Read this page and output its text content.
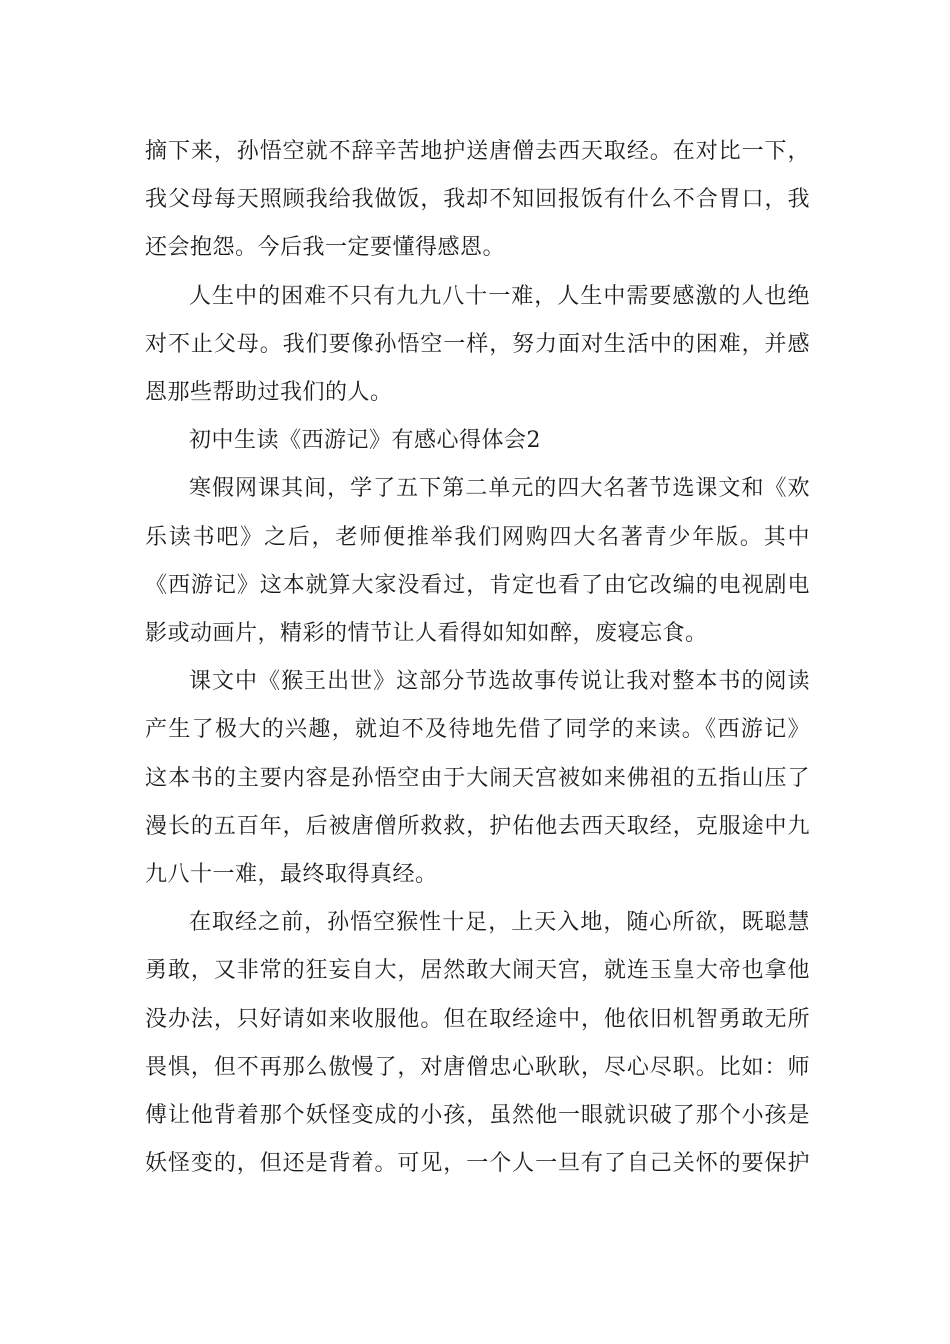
摘下来，孙悟空就不辞辛苦地护送唐僧去西天取经。在对比一下，
我父母每天照顾我给我做饭，我却不知回报饭有什么不合胃口，我
还会抱怨。今后我一定要懂得感恩。

人生中的困难不只有九九八十一难，人生中需要感激的人也绝
对不止父母。我们要像孙悟空一样，努力面对生活中的困难，并感
恩那些帮助过我们的人。

初中生读《西游记》有感心得体会2

寒假网课其间，学了五下第二单元的四大名著节选课文和《欢
乐读书吧》之后，老师便推举我们网购四大名著青少年版。其中
《西游记》这本就算大家没看过，肯定也看了由它改编的电视剧电
影或动画片，精彩的情节让人看得如知如醉，废寝忘食。

课文中《猴王出世》这部分节选故事传说让我对整本书的阅读
产生了极大的兴趣，就迫不及待地先借了同学的来读。《西游记》
这本书的主要内容是孙悟空由于大闹天宫被如来佛祖的五指山压了
漫长的五百年，后被唐僧所救救，护佑他去西天取经，克服途中九
九八十一难，最终取得真经。

在取经之前，孙悟空猴性十足，上天入地，随心所欲，既聪慧
勇敢，又非常的狂妄自大，居然敢大闹天宫，就连玉皇大帝也拿他
没办法，只好请如来收服他。但在取经途中，他依旧机智勇敢无所
畏惧，但不再那么傲慢了，对唐僧忠心耿耿，尽心尽职。比如：师
傅让他背着那个妖怪变成的小孩，虽然他一眼就识破了那个小孩是
妖怪变的，但还是背着。可见，一个人一旦有了自己关怀的要保护
